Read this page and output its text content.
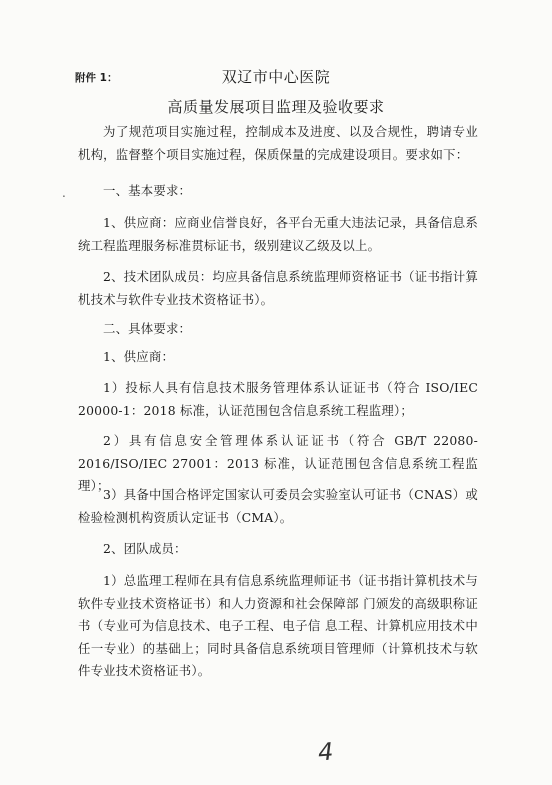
附件 1：	双辽市中心医院
高质量发展项目监理及验收要求

为了规范项目实施过程，控制成本及进度、以及合规性，聘请专业机构，监督整个项目实施过程，保质保量的完成建设项目。要求如下：

.	一、基本要求：

1、供应商：应商业信誉良好，各平台无重大违法记录，具备信息系统工程监理服务标准贯标证书，级别建议乙级及以上。

2、技术团队成员：均应具备信息系统监理师资格证书（证书指计算机技术与软件专业技术资格证书）。

二、具体要求：

1、供应商：

1）投标人具有信息技术服务管理体系认证证书（符合 ISO/IEC 20000-1：2018 标准，认证范围包含信息系统工程监理）；

2）具有信息安全管理体系认证证书（符合 GB/T 22080-2016/ISO/IEC 27001：2013 标准，认证范围包含信息系统工程监理）；

3）具备中国合格评定国家认可委员会实验室认可证书（CNAS）或检验检测机构资质认定证书（CMA）。

2、团队成员：

1）总监理工程师在具有信息系统监理师证书（证书指计算机技术与软件专业技术资格证书）和人力资源和社会保障部 门颁发的高级职称证书（专业可为信息技术、电子工程、电子信 息工程、计算机应用技术中任一专业）的基础上；同时具备信息系统项目管理师（计算机技术与软件专业技术资格证书）。

4
